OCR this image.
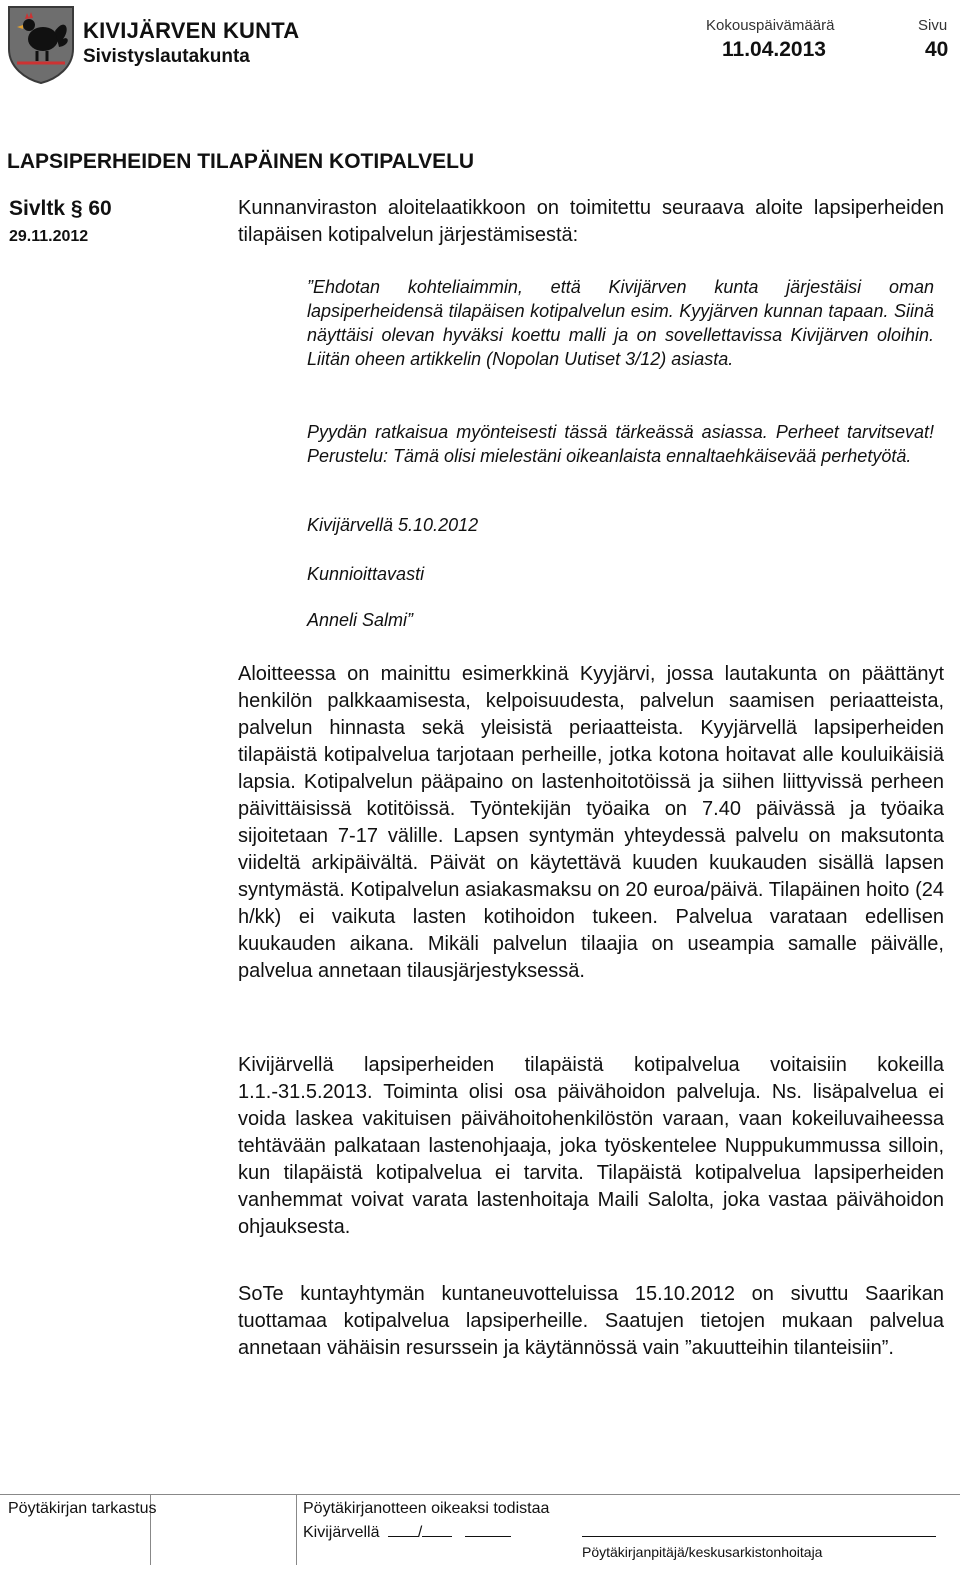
KIVIJÄRVEN KUNTA
Sivistyslautakunta
Kokouspäivämäärä	Sivu
11.04.2013	40
LAPSIPERHEIDEN TILAPÄINEN KOTIPALVELU
Sivltk § 60
29.11.2012

Kunnanviraston aloitelaatikkoon on toimitettu seuraava aloite lapsiperheiden tilapäisen kotipalvelun järjestämisestä:

”Ehdotan kohteliaimmin, että Kivijärven kunta järjestäisi oman lapsiperheidensä tilapäisen kotipalvelun esim. Kyyjärven kunnan tapaan. Siinä näyttäisi olevan hyväksi koettu malli ja on sovellettavissa Kivijärven oloihin. Liitän oheen artikkelin (Nopolan Uutiset 3/12) asiasta.

Pyydän ratkaisua myönteisesti tässä tärkeässä asiassa. Perheet tarvitsevat! Perustelu: Tämä olisi mielestäni oikeanlaista ennaltaehkäisevää perhetyötä.

Kivijärvellä 5.10.2012

Kunnioittavasti

Anneli Salmi”

Aloitteessa on mainittu esimerkkinä Kyyjärvi, jossa lautakunta on päättänyt henkilön palkkaamisesta, kelpoisuudesta, palvelun saamisen periaatteista, palvelun hinnasta sekä yleisistä periaatteista. Kyyjärvellä lapsiperheiden tilapäistä kotipalvelua tarjotaan perheille, jotka kotona hoitavat alle kouluikäisiä lapsia. Kotipalvelun pääpaino on lastenhoitotöissä ja siihen liittyvissä perheen päivittäisissä kotitöissä. Työntekijän työaika on 7.40 päivässä ja työaika sijoitetaan 7-17 välille. Lapsen syntymän yhteydessä palvelu on maksutonta viideltä arkipäivältä. Päivät on käytettävä kuuden kuukauden sisällä lapsen syntymästä. Kotipalvelun asiakasmaksu on 20 euroa/päivä. Tilapäinen hoito (24 h/kk) ei vaikuta lasten kotihoidon tukeen. Palvelua varataan edellisen kuukauden aikana. Mikäli palvelun tilaajia on useampia samalle päivälle, palvelua annetaan tilausjärjestyksessä.

Kivijärvellä lapsiperheiden tilapäistä kotipalvelua voitaisiin kokeilla 1.1.-31.5.2013. Toiminta olisi osa päivähoidon palveluja. Ns. lisäpalvelua ei voida laskea vakituisen päivähoitohenkilöstön varaan, vaan kokeiluvaiheessa tehtävään palkataan lastenohjaaja, joka työskentelee Nuppukummussa silloin, kun tilapäistä kotipalvelua ei tarvita. Tilapäistä kotipalvelua lapsiperheiden vanhemmat voivat varata lastenhoitaja Maili Salolta, joka vastaa päivähoidon ohjauksesta.

SoTe kuntayhtymän kuntaneuvotteluissa 15.10.2012 on sivuttu Saarikan tuottamaa kotipalvelua lapsiperheille. Saatujen tietojen mukaan palvelua annetaan vähäisin resurssein ja käytännössä vain ”akuutteihin tilanteisiin”.

Pöytäkirjan tarkastus	Pöytäkirjanotteen oikeaksi todistaa
Kivijärvellä /
Pöytäkirjanpitäjä/keskusarkistonhoitaja
